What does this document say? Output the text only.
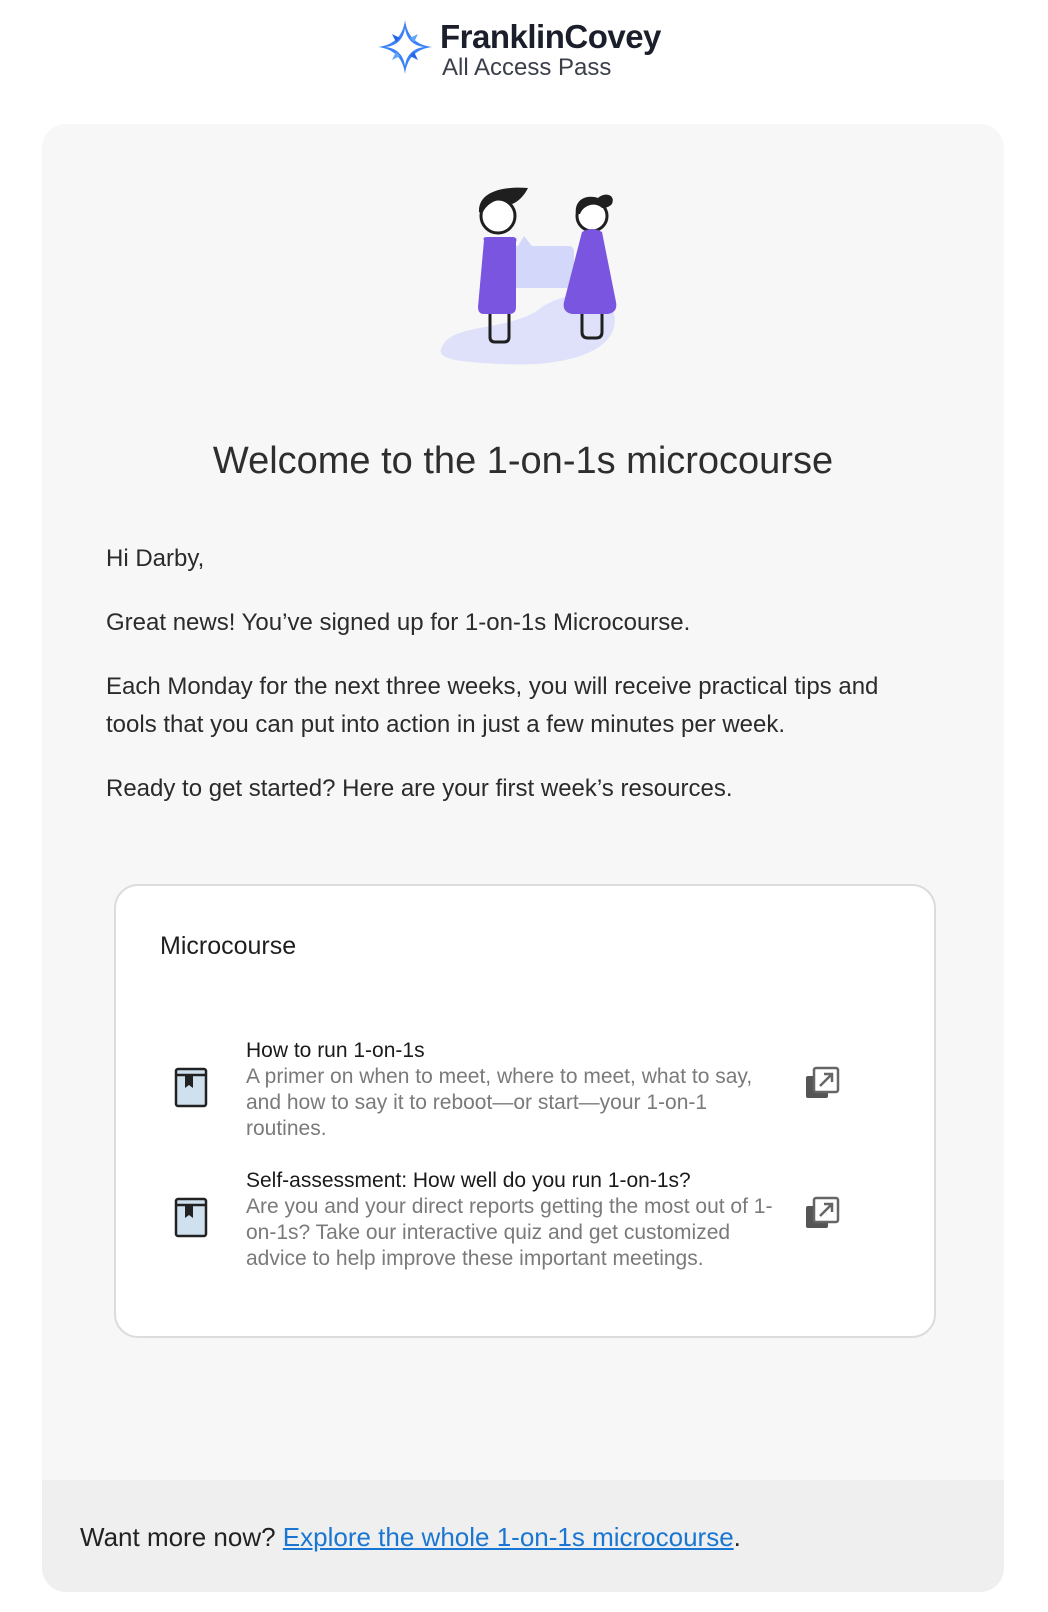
FranklinCovey
All Access Pass
Welcome to the 1-on-1s microcourse

Hi Darby,

Great news! You’ve signed up for 1-on-1s Microcourse.

Each Monday for the next three weeks, you will receive practical tips and tools that you can put into action in just a few minutes per week.

Ready to get started? Here are your first week’s resources.

Microcourse
How to run 1-on-1s
A primer on when to meet, where to meet, what to say, and how to say it to reboot—or start—your 1-on-1 routines.
Self-assessment: How well do you run 1-on-1s?
Are you and your direct reports getting the most out of 1-on-1s? Take our interactive quiz and get customized advice to help improve these important meetings.
Want more now? Explore the whole 1-on-1s microcourse.
